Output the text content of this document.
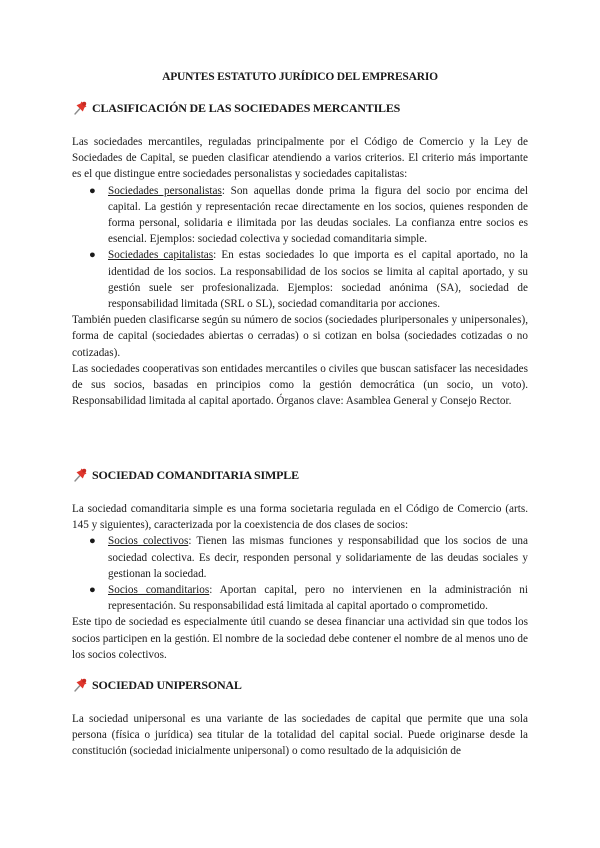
APUNTES ESTATUTO JURÍDICO DEL EMPRESARIO
CLASIFICACIÓN DE LAS SOCIEDADES MERCANTILES

Las sociedades mercantiles, reguladas principalmente por el Código de Comercio y la Ley de Sociedades de Capital, se pueden clasificar atendiendo a varios criterios. El criterio más importante es el que distingue entre sociedades personalistas y sociedades capitalistas:

● Sociedades personalistas: Son aquellas donde prima la figura del socio por encima del capital. La gestión y representación recae directamente en los socios, quienes responden de forma personal, solidaria e ilimitada por las deudas sociales. La confianza entre socios es esencial. Ejemplos: sociedad colectiva y sociedad comanditaria simple.
● Sociedades capitalistas: En estas sociedades lo que importa es el capital aportado, no la identidad de los socios. La responsabilidad de los socios se limita al capital aportado, y su gestión suele ser profesionalizada. Ejemplos: sociedad anónima (SA), sociedad de responsabilidad limitada (SRL o SL), sociedad comanditaria por acciones.

También pueden clasificarse según su número de socios (sociedades pluripersonales y unipersonales), forma de capital (sociedades abiertas o cerradas) o si cotizan en bolsa (sociedades cotizadas o no cotizadas).

Las sociedades cooperativas son entidades mercantiles o civiles que buscan satisfacer las necesidades de sus socios, basadas en principios como la gestión democrática (un socio, un voto). Responsabilidad limitada al capital aportado. Órganos clave: Asamblea General y Consejo Rector.

SOCIEDAD COMANDITARIA SIMPLE

La sociedad comanditaria simple es una forma societaria regulada en el Código de Comercio (arts. 145 y siguientes), caracterizada por la coexistencia de dos clases de socios:

● Socios colectivos: Tienen las mismas funciones y responsabilidad que los socios de una sociedad colectiva. Es decir, responden personal y solidariamente de las deudas sociales y gestionan la sociedad.
● Socios comanditarios: Aportan capital, pero no intervienen en la administración ni representación. Su responsabilidad está limitada al capital aportado o comprometido.

Este tipo de sociedad es especialmente útil cuando se desea financiar una actividad sin que todos los socios participen en la gestión. El nombre de la sociedad debe contener el nombre de al menos uno de los socios colectivos.

SOCIEDAD UNIPERSONAL

La sociedad unipersonal es una variante de las sociedades de capital que permite que una sola persona (física o jurídica) sea titular de la totalidad del capital social. Puede originarse desde la constitución (sociedad inicialmente unipersonal) o como resultado de la adquisición de
